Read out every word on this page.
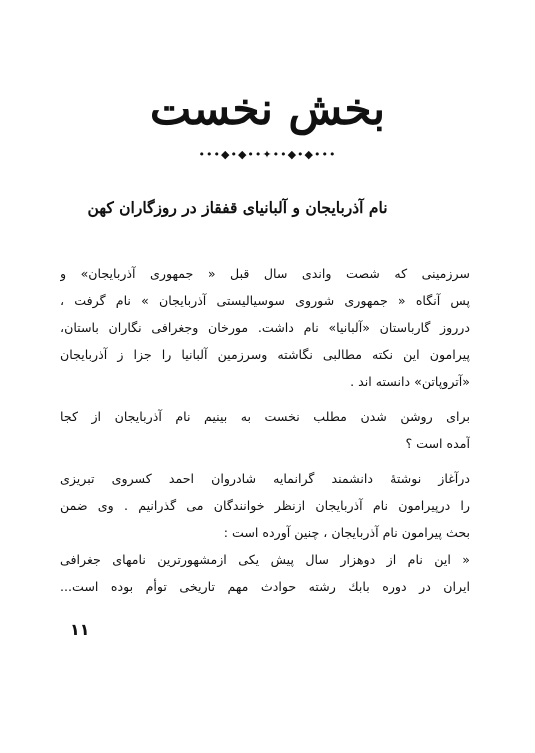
بخش نخست
•••◆•◆••✦••◆•◆•••
نام آذربایجان و آلبانیای قفقاز در روزگاران کهن
سرزمینی که شصت واندی سال قبل « جمهوری آذربایجان» و
پس آنگاه « جمهوری شوروی سوسیالیستی آذربایجان » نام گرفت ،
درروز گارباستان «آلبانیا» نام داشت. مورخان وجغرافی نگاران باستان،
پیرامون این نکته مطالبی نگاشته وسرزمین آلبانیا را جزا ز آذربایجان
«آتروپاتن» دانسته اند .
برای روشن شدن مطلب نخست به بینیم نام آذربایجان از کجا
آمده است ؟
درآغاز نوشتهٔ دانشمند گرانمایه شادروان احمد کسروی تبریزی
را درپیرامون نام آذربایجان ازنظر خوانندگان می گذرانیم . وی ضمن
بحث پیرامون نام آذربایجان ، چنین آورده است :
« این نام از دوهزار سال پیش یکی ازمشهورترین نامهای جغرافی
ایران در دوره بابك رشته حوادث مهم تاریخی توأم بوده است...
۱۱
